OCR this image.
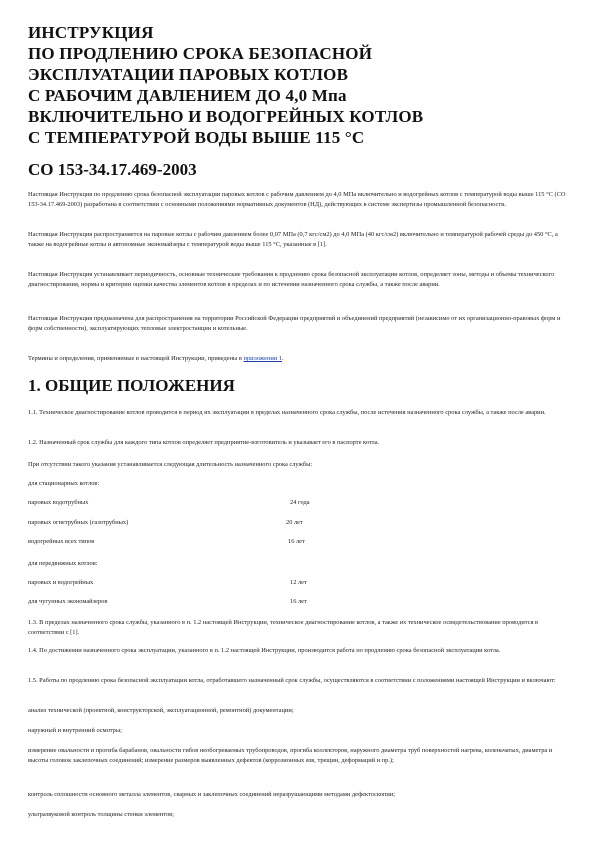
ИНСТРУКЦИЯ
ПО ПРОДЛЕНИЮ СРОКА БЕЗОПАСНОЙ
ЭКСПЛУАТАЦИИ ПАРОВЫХ КОТЛОВ
С РАБОЧИМ ДАВЛЕНИЕМ ДО 4,0 Мпа
ВКЛЮЧИТЕЛЬНО И ВОДОГРЕЙНЫХ КОТЛОВ
С ТЕМПЕРАТУРОЙ ВОДЫ ВЫШЕ 115 °С
СО 153-34.17.469-2003

Настоящая Инструкция по продлению срока безопасной эксплуатации паровых котлов с рабочим давлением до 4,0 МПа включительно и водогрейных котлов с температурой воды выше 115 °С (СО 153-34.17.469-2003) разработана в соответствии с основными положениями нормативных документов (НД), действующих в системе экспертизы промышленной безопасности.

Настоящая Инструкция распространяется на паровые котлы с рабочим давлением более 0,07 МПа (0,7 кгс/см2) до 4,0 МПа (40 кгс/см2) включительно и температурой рабочей среды до 450 °С, а также на водогрейные котлы и автономные экономайзеры с температурой воды выше 115 °С, указанные в [1].

Настоящая Инструкция устанавливает периодичность, основные технические требования к продлению срока безопасной эксплуатации котлов, определяет зоны, методы и объемы технического диагностирования, нормы и критерии оценки качества элементов котлов в пределах и по истечении назначенного срока службы, а также после аварии.

Настоящая Инструкция предназначена для распространения на территории Российской Федерации предприятий и объединений предприятий (независимо от их организационно-правовых форм и форм собственности), эксплуатирующих тепловые электростанции и котельные.

Термины и определения, применяемые в настоящей Инструкции, приведены в приложении 1.

1. ОБЩИЕ ПОЛОЖЕНИЯ

1.1. Техническое диагностирование котлов проводится в период их эксплуатации в пределах назначенного срока службы, после истечения назначенного срока службы, а также после аварии.

1.2. Назначенный срок службы для каждого типа котлов определяет предприятие-изготовитель и указывает его в паспорте котла.

При отсутствии такого указания устанавливается следующая длительность назначенного срока службы:

для стационарных котлов:
паровых водотрубных	24 года
паровых огнетрубных (газотрубных)	20 лет
водогрейных всех типов	16 лет
для передвижных котлов:
паровых и водогрейных	12 лет
для чугунных экономайзеров	16 лет

1.3. В пределах назначенного срока службы, указанного в п. 1.2 настоящей Инструкции, техническое диагностирование котлов, а также их техническое освидетельствование проводится в соответствии с [1].

1.4. По достижении назначенного срока эксплуатации, указанного в п. 1.2 настоящей Инструкции, производится работа по продлению срока безопасной эксплуатации котла.

1.5. Работы по продлению срока безопасной эксплуатации котла, отработавшего назначенный срок службы, осуществляются в соответствии с положениями настоящей Инструкции и включают:

анализ технической (проектной, конструкторской, эксплуатационной, ремонтной) документации;

наружный и внутренний осмотры;

измерение овальности и прогиба барабанов, овальности гибов необогреваемых трубопроводов, прогиба коллекторов, наружного диаметра труб поверхностей нагрева, коленьчатых, диаметра и высоты головок заклепочных соединений; измерение размеров выявленных дефектов (коррозионных язв, трещин, деформаций и пр.);

контроль сплошности основного металла элементов, сварных и заклепочных соединений неразрушающими методами дефектоскопии;

ультразвуковой контроль толщины стенки элементов;
